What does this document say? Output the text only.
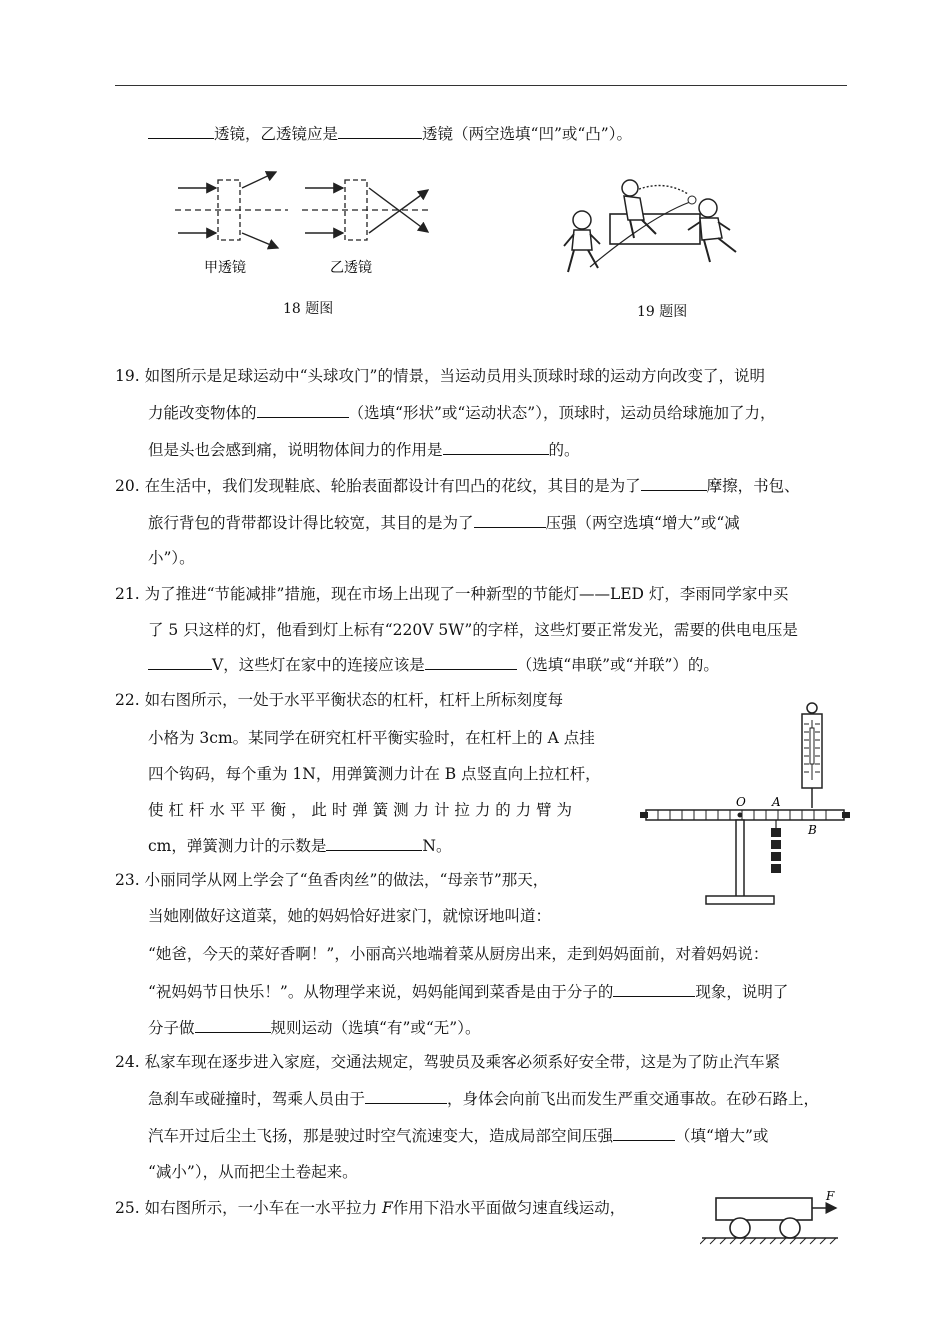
透镜，乙透镜应是	透镜（两空选填“凹”或“凸”）。
甲透镜	乙透镜
18 题图	19 题图
19. 如图所示是足球运动中“头球攻门”的情景，当运动员用头顶球时球的运动方向改变了，说明
力能改变物体的	（选填“形状”或“运动状态”），顶球时，运动员给球施加了力，
但是头也会感到痛，说明物体间力的作用是	的。
20. 在生活中，我们发现鞋底、轮胎表面都设计有凹凸的花纹，其目的是为了	摩擦，书包、
旅行背包的背带都设计得比较宽，其目的是为了	压强（两空选填“增大”或“减
小”）。
21. 为了推进“节能减排”措施，现在市场上出现了一种新型的节能灯——LED 灯，李雨同学家中买
了 5 只这样的灯，他看到灯上标有“220V 5W”的字样，这些灯要正常发光，需要的供电电压是
V，这些灯在家中的连接应该是	（选填“串联”或“并联”）的。
22. 如右图所示，一处于水平平衡状态的杠杆，杠杆上所标刻度每
小格为 3cm。某同学在研究杠杆平衡实验时，在杠杆上的 A 点挂
四个钩码，每个重为 1N，用弹簧测力计在 B 点竖直向上拉杠杆，
使 杠 杆 水 平 平 衡 ， 此 时 弹 簧 测 力 计 拉 力 的 力 臂 为
cm，弹簧测力计的示数是	N。
O A
B
23. 小丽同学从网上学会了“鱼香肉丝”的做法，“母亲节”那天，
当她刚做好这道菜，她的妈妈恰好进家门，就惊讶地叫道：
“她爸，今天的菜好香啊！”，小丽高兴地端着菜从厨房出来，走到妈妈面前，对着妈妈说：
“祝妈妈节日快乐！”。从物理学来说，妈妈能闻到菜香是由于分子的	现象，说明了
分子做	规则运动（选填“有”或“无”）。
24. 私家车现在逐步进入家庭，交通法规定，驾驶员及乘客必须系好安全带，这是为了防止汽车紧
急刹车或碰撞时，驾乘人员由于	，身体会向前飞出而发生严重交通事故。在砂石路上，
汽车开过后尘土飞扬，那是驶过时空气流速变大，造成局部空间压强	（填“增大”或
“减小”），从而把尘土卷起来。
25. 如右图所示，一小车在一水平拉力 F作用下沿水平面做匀速直线运动，
F
